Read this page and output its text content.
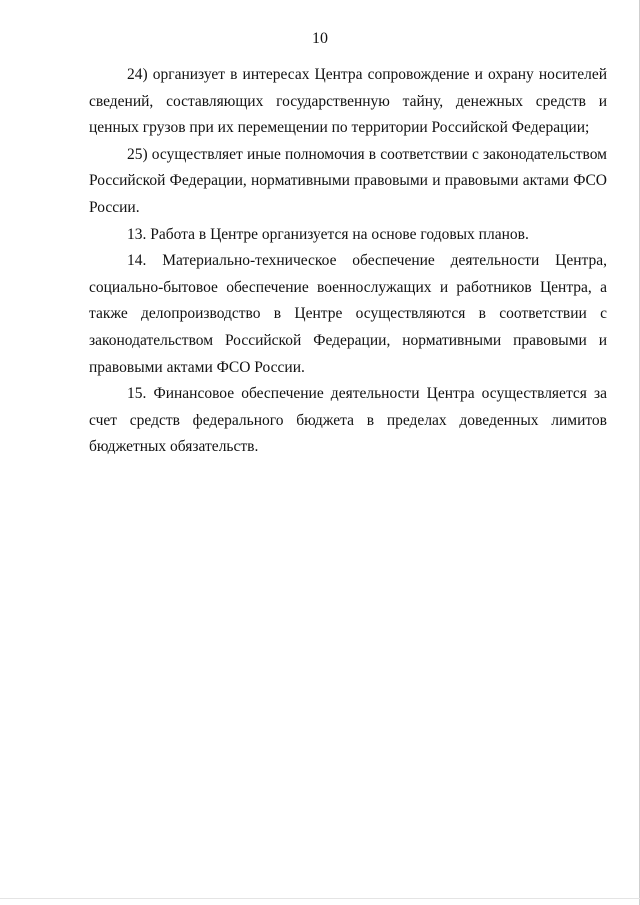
10

24) организует в интересах Центра сопровождение и охрану носителей сведений, составляющих государственную тайну, денежных средств и ценных грузов при их перемещении по территории Российской Федерации;

25) осуществляет иные полномочия в соответствии с законодательством Российской Федерации, нормативными правовыми и правовыми актами ФСО России.

13. Работа в Центре организуется на основе годовых планов.

14. Материально-техническое обеспечение деятельности Центра, социально-бытовое обеспечение военнослужащих и работников Центра, а также делопроизводство в Центре осуществляются в соответствии с законодательством Российской Федерации, нормативными правовыми и правовыми актами ФСО России.

15. Финансовое обеспечение деятельности Центра осуществляется за счет средств федерального бюджета в пределах доведенных лимитов бюджетных обязательств.
